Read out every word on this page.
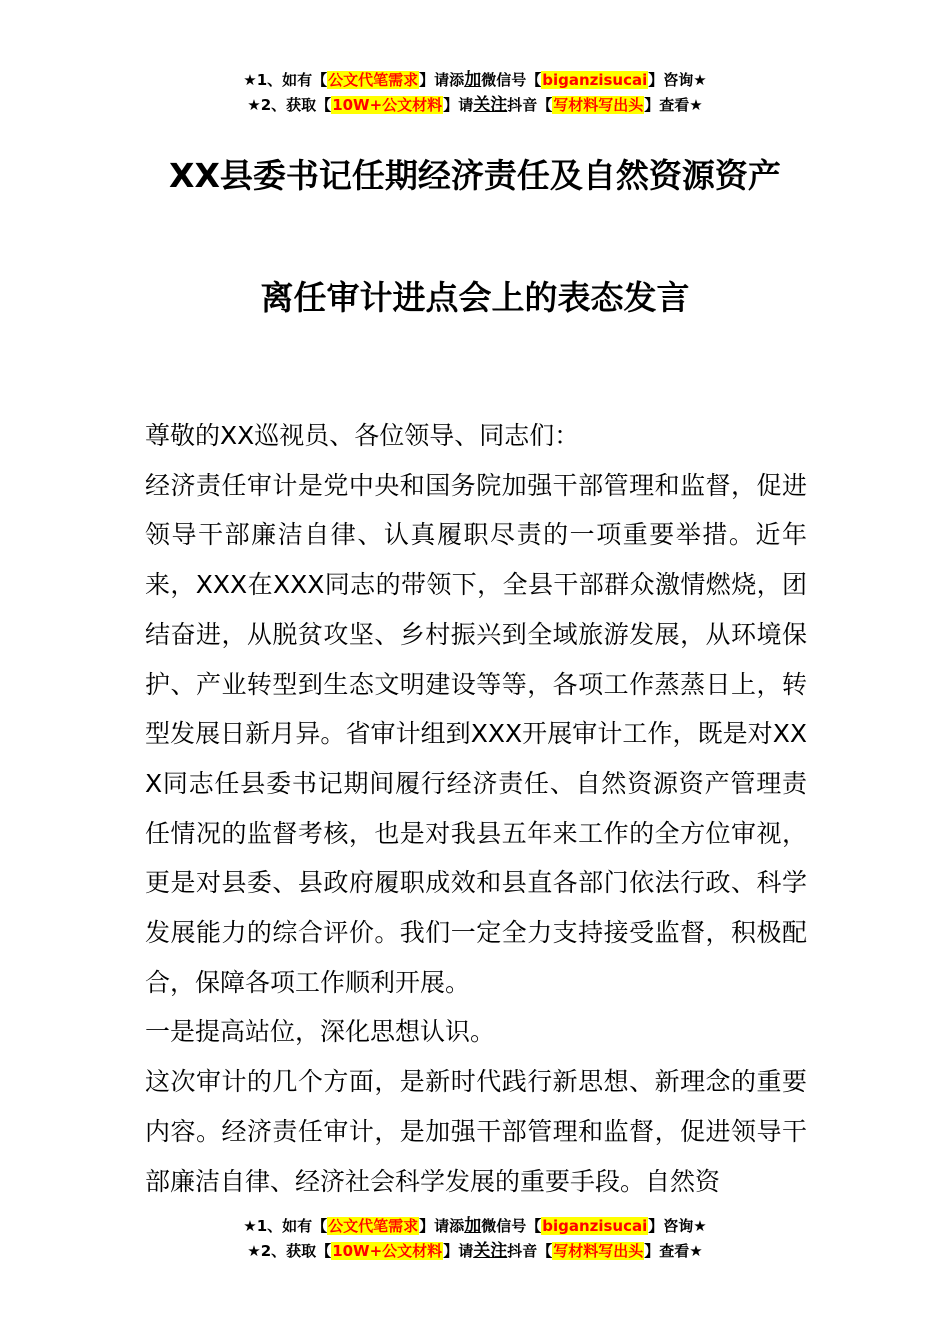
★1、如有【公文代笔需求】请添加微信号【biganzisucai】咨询★
★2、获取【10W+公文材料】请关注抖音【写材料写出头】查看★
XX县委书记任期经济责任及自然资源资产
离任审计进点会上的表态发言

尊敬的XX巡视员、各位领导、同志们：

经济责任审计是党中央和国务院加强干部管理和监督，促进领导干部廉洁自律、认真履职尽责的一项重要举措。近年来，XXX在XXX同志的带领下，全县干部群众激情燃烧，团结奋进，从脱贫攻坚、乡村振兴到全域旅游发展，从环境保护、产业转型到生态文明建设等等，各项工作蒸蒸日上，转型发展日新月异。省审计组到XXX开展审计工作，既是对XXX同志任县委书记期间履行经济责任、自然资源资产管理责任情况的监督考核，也是对我县五年来工作的全方位审视，更是对县委、县政府履职成效和县直各部门依法行政、科学发展能力的综合评价。我们一定全力支持接受监督，积极配合，保障各项工作顺利开展。

一是提高站位，深化思想认识。

这次审计的几个方面，是新时代践行新思想、新理念的重要内容。经济责任审计，是加强干部管理和监督，促进领导干部廉洁自律、经济社会科学发展的重要手段。自然资

★1、如有【公文代笔需求】请添加微信号【biganzisucai】咨询★
★2、获取【10W+公文材料】请关注抖音【写材料写出头】查看★
